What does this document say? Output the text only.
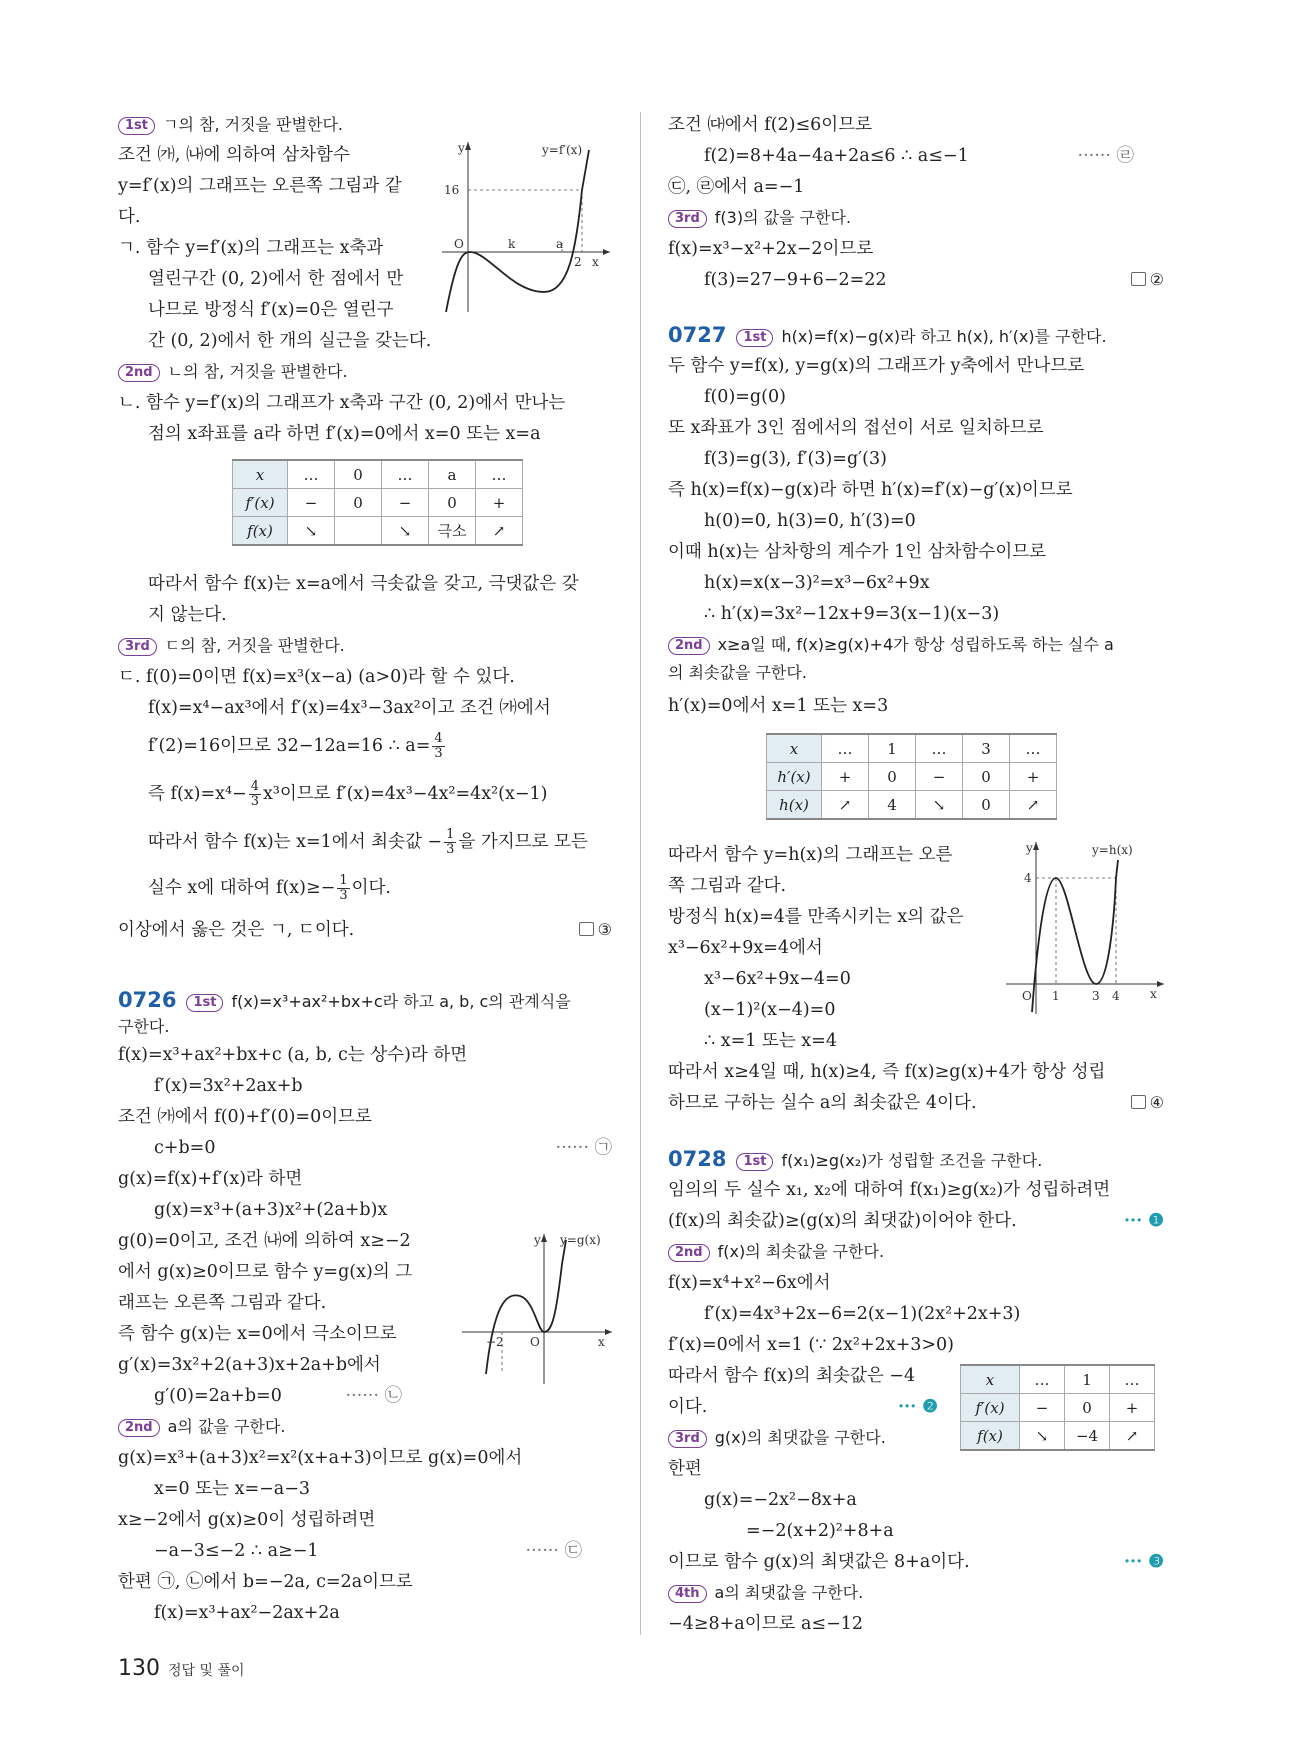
1st ㄱ의 참, 거짓을 판별한다.
조건 ㈎, ㈏에 의하여 삼차함수
y=f′(x)의 그래프는 오른쪽 그림과 같
다.
ㄱ. 함수 y=f′(x)의 그래프는 x축과
열린구간 (0, 2)에서 한 점에서 만
나므로 방정식 f′(x)=0은 열린구
간 (0, 2)에서 한 개의 실근을 갖는다.
y	y=f′(x)
16
O	k	a
2 x
2nd ㄴ의 참, 거짓을 판별한다.
ㄴ. 함수 y=f′(x)의 그래프가 x축과 구간 (0, 2)에서 만나는
점의 x좌표를 a라 하면 f′(x)=0에서 x=0 또는 x=a
x	…	0	…	a	…
f′(x)	−	0	−	0	+
f(x)	↘		↘	극소	↗
따라서 함수 f(x)는 x=a에서 극솟값을 갖고, 극댓값은 갖
지 않는다.
3rd ㄷ의 참, 거짓을 판별한다.
ㄷ. f(0)=0이면 f(x)=x³(x−a) (a>0)라 할 수 있다.
f(x)=x⁴−ax³에서 f′(x)=4x³−3ax²이고 조건 ㈎에서
f′(2)=16이므로 32−12a=16 ∴ $a= \frac{4}{3}$
즉 $f(x)=x^4- \frac{4}{3} x^3$이므로 f′(x)=4x³−4x²=4x²(x−1)
따라서 함수 f(x)는 x=1에서 최솟값 − $\frac{1}{3}$ 을 가지므로 모든
실수 x에 대하여 $f(x)\ge- \frac{1}{3}$ 이다.
이상에서 옳은 것은 ㄱ, ㄷ이다.	③
0726 1st f(x)=x³+ax²+bx+c라 하고 a, b, c의 관계식을
구한다.
f(x)=x³+ax²+bx+c (a, b, c는 상수)라 하면
f′(x)=3x²+2ax+b
조건 ㈎에서 f(0)+f′(0)=0이므로
c+b=0	······ ㉠
g(x)=f(x)+f′(x)라 하면
g(x)=x³+(a+3)x²+(2a+b)x
g(0)=0이고, 조건 ㈏에 의하여 x≥−2
에서 g(x)≥0이므로 함수 y=g(x)의 그
래프는 오른쪽 그림과 같다.
즉 함수 g(x)는 x=0에서 극소이므로
g′(x)=3x²+2(a+3)x+2a+b에서
g′(0)=2a+b=0	······ ㉡
y y=g(x)
−2 O	x
2nd a의 값을 구한다.
g(x)=x³+(a+3)x²=x²(x+a+3)이므로 g(x)=0에서
x=0 또는 x=−a−3
x≥−2에서 g(x)≥0이 성립하려면
−a−3≤−2 ∴ a≥−1	······ ㉢
한편 ㉠, ㉡에서 b=−2a, c=2a이므로
f(x)=x³+ax²−2ax+2a
조건 ㈐에서 f(2)≤6이므로
f(2)=8+4a−4a+2a≤6 ∴ a≤−1	······ ㉣
㉢, ㉣에서 a=−1
3rd f(3)의 값을 구한다.
f(x)=x³−x²+2x−2이므로
f(3)=27−9+6−2=22	②
0727 1st h(x)=f(x)−g(x)라 하고 h(x), h′(x)를 구한다.
두 함수 y=f(x), y=g(x)의 그래프가 y축에서 만나므로
f(0)=g(0)
또 x좌표가 3인 점에서의 접선이 서로 일치하므로
f(3)=g(3), f′(3)=g′(3)
즉 h(x)=f(x)−g(x)라 하면 h′(x)=f′(x)−g′(x)이므로
h(0)=0, h(3)=0, h′(3)=0
이때 h(x)는 삼차항의 계수가 1인 삼차함수이므로
h(x)=x(x−3)²=x³−6x²+9x
∴ h′(x)=3x²−12x+9=3(x−1)(x−3)
2nd x≥a일 때, f(x)≥g(x)+4가 항상 성립하도록 하는 실수 a
의 최솟값을 구한다.
h′(x)=0에서 x=1 또는 x=3
x	…	1	…	3	…
h′(x)	+	0	−	0	+
h(x)	↗	4	↘	0	↗
따라서 함수 y=h(x)의 그래프는 오른
쪽 그림과 같다.
방정식 h(x)=4를 만족시키는 x의 값은
x³−6x²+9x=4에서
x³−6x²+9x−4=0
(x−1)²(x−4)=0
∴ x=1 또는 x=4
y	y=h(x)
4
O 1	3 4	x
따라서 x≥4일 때, h(x)≥4, 즉 f(x)≥g(x)+4가 항상 성립
하므로 구하는 실수 a의 최솟값은 4이다.	④
0728 1st f(x₁)≥g(x₂)가 성립할 조건을 구한다.
임의의 두 실수 x₁, x₂에 대하여 f(x₁)≥g(x₂)가 성립하려면
(f(x)의 최솟값)≥(g(x)의 최댓값)이어야 한다.	··· ❶
2nd f(x)의 최솟값을 구한다.
f(x)=x⁴+x²−6x에서
f′(x)=4x³+2x−6=2(x−1)(2x²+2x+3)
f′(x)=0에서 x=1 (∵ 2x²+2x+3>0)
따라서 함수 f(x)의 최솟값은 −4
이다.	··· ❷
x	…	1	…
f′(x)	−	0	+
f(x)	↘	−4	↗
3rd g(x)의 최댓값을 구한다.
한편
g(x)=−2x²−8x+a
=−2(x+2)²+8+a
이므로 함수 g(x)의 최댓값은 8+a이다.	··· ❸
4th a의 최댓값을 구한다.
−4≥8+a이므로 a≤−12
130 정답 및 풀이
